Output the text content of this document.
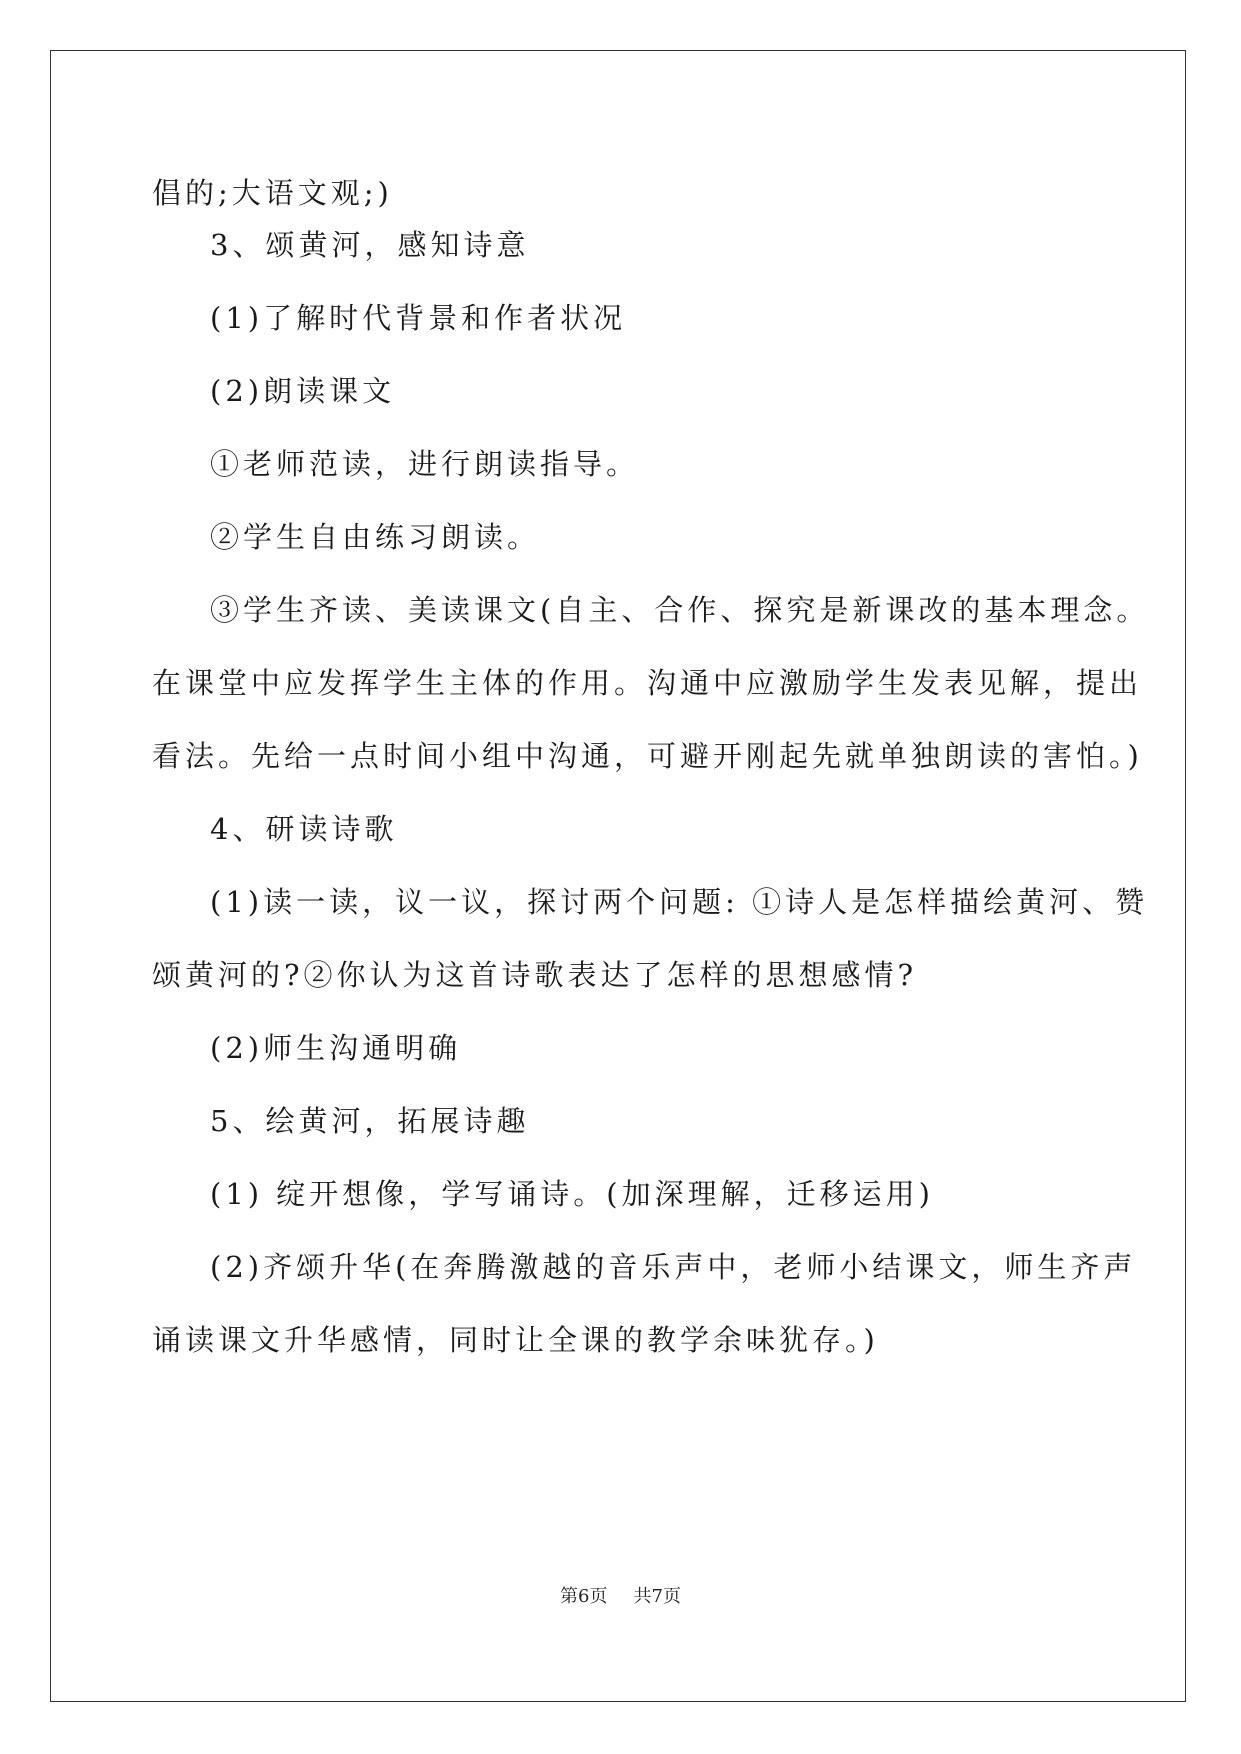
倡的;大语文观;)
3、颂黄河，感知诗意
(1)了解时代背景和作者状况
(2)朗读课文
①老师范读，进行朗读指导。
②学生自由练习朗读。
③学生齐读、美读课文(自主、合作、探究是新课改的基本理念。
在课堂中应发挥学生主体的作用。沟通中应激励学生发表见解，提出
看法。先给一点时间小组中沟通，可避开刚起先就单独朗读的害怕。)
4、研读诗歌
(1)读一读，议一议，探讨两个问题: ①诗人是怎样描绘黄河、赞
颂黄河的?②你认为这首诗歌表达了怎样的思想感情?
(2)师生沟通明确
5、绘黄河，拓展诗趣
(1) 绽开想像，学写诵诗。(加深理解，迁移运用)
(2)齐颂升华(在奔腾激越的音乐声中，老师小结课文，师生齐声
诵读课文升华感情，同时让全课的教学余味犹存。)
第6页 共7页
